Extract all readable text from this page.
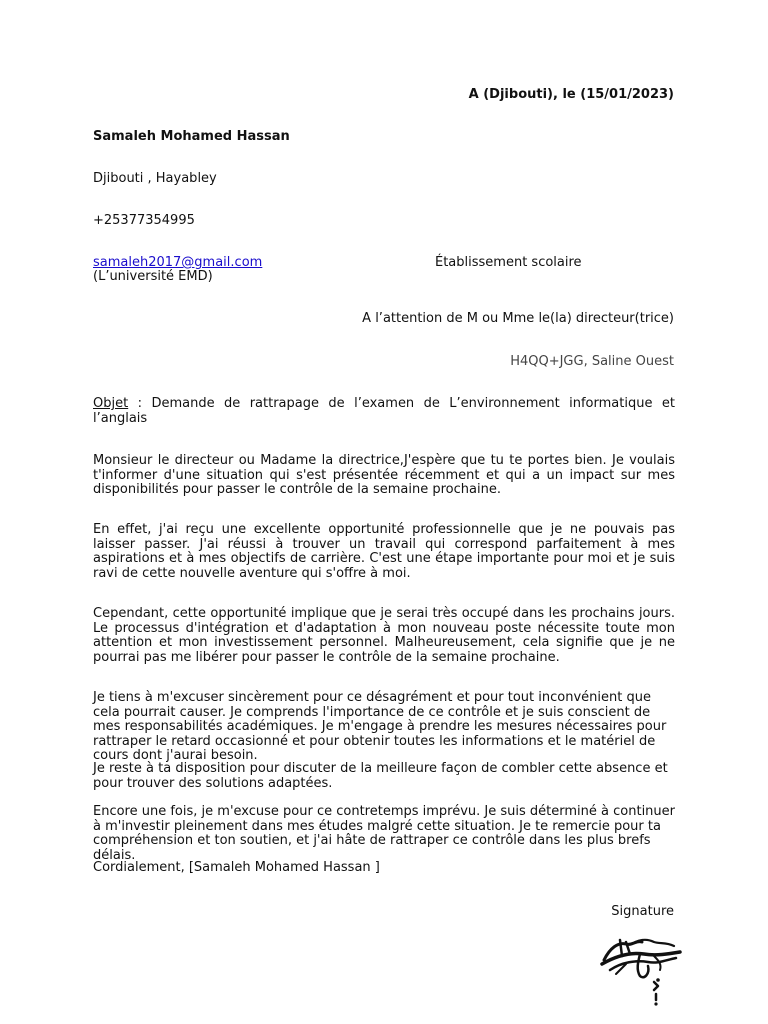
A (Djibouti), le (15/01/2023)
Samaleh Mohamed Hassan
Djibouti , Hayabley
+25377354995
samaleh2017@gmail.com	Établissement scolaire
(L’université EMD)
A l’attention de M ou Mme le(la) directeur(trice)
H4QQ+JGG, Saline Ouest

Objet : Demande de rattrapage de l’examen de L’environnement informatique et l’anglais

Monsieur le directeur ou Madame la directrice,J'espère que tu te portes bien. Je voulais t'informer d'une situation qui s'est présentée récemment et qui a un impact sur mes disponibilités pour passer le contrôle de la semaine prochaine.

En effet, j'ai reçu une excellente opportunité professionnelle que je ne pouvais pas laisser passer. J'ai réussi à trouver un travail qui correspond parfaitement à mes aspirations et à mes objectifs de carrière. C'est une étape importante pour moi et je suis ravi de cette nouvelle aventure qui s'offre à moi.

Cependant, cette opportunité implique que je serai très occupé dans les prochains jours. Le processus d'intégration et d'adaptation à mon nouveau poste nécessite toute mon attention et mon investissement personnel. Malheureusement, cela signifie que je ne pourrai pas me libérer pour passer le contrôle de la semaine prochaine.

Je tiens à m'excuser sincèrement pour ce désagrément et pour tout inconvénient que cela pourrait causer. Je comprends l'importance de ce contrôle et je suis conscient de mes responsabilités académiques. Je m'engage à prendre les mesures nécessaires pour rattraper le retard occasionné et pour obtenir toutes les informations et le matériel de cours dont j'aurai besoin.

Je reste à ta disposition pour discuter de la meilleure façon de combler cette absence et pour trouver des solutions adaptées.

Encore une fois, je m'excuse pour ce contretemps imprévu. Je suis déterminé à continuer à m'investir pleinement dans mes études malgré cette situation. Je te remercie pour ta compréhension et ton soutien, et j'ai hâte de rattraper ce contrôle dans les plus brefs délais.

Cordialement, [Samaleh Mohamed Hassan ]

Signature
